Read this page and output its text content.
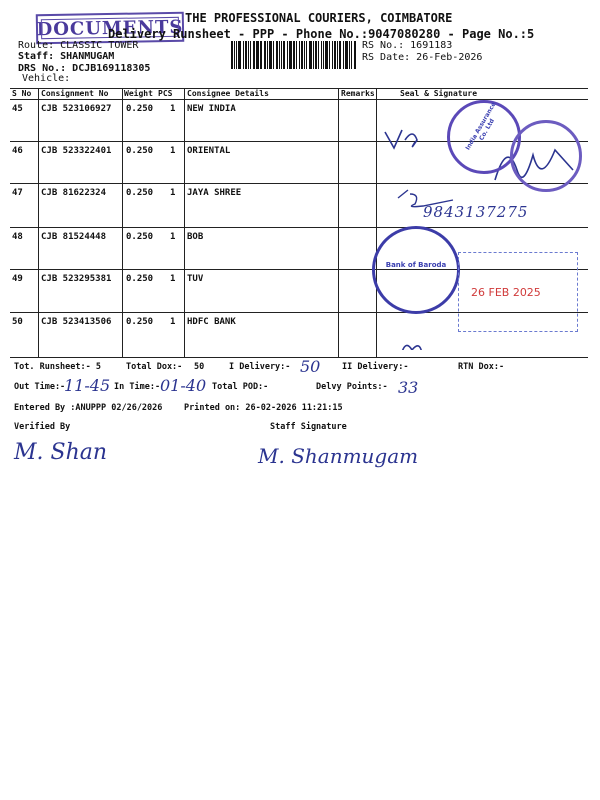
DOCUMENTS THE PROFESSIONAL COURIERS, COIMBATORE
Delivery Runsheet - PPP - Phone No.:9047080280 - Page No.:5
Route: CLASSIC TOWER
Staff: SHANMUGAM
DRS No.: DCJB169118305
Vehicle:
RS No.: 1691183
RS Date: 26-Feb-2026
S No Consignment No Weight PCS Consignee Details	Remarks	Seal & Signature
45 CJB 523106927 0.250 1 NEW INDIA
46 CJB 523322401 0.250 1 ORIENTAL
47 CJB 81622324 0.250 1 JAYA SHREE
48 CJB 81524448 0.250 1 BOB
49 CJB 523295381 0.250 1 TUV
50 CJB 523413506 0.250 1 HDFC BANK
9843137275
India Assurance Co. Ltd
Bank of Baroda
26 FEB 2025
Tot. Runsheet:- 5	Total Dox:- 50	I Delivery:- 50	II Delivery:-	RTN Dox:-
Out Time:-
11-45 In Time:- 01-40 Total POD:-	Delvy Points:- 33
Entered By :ANUPPP 02/26/2026	Printed on: 26-02-2026 11:21:15
Verified By	Staff Signature
M. Shan	M. Shanmugam
